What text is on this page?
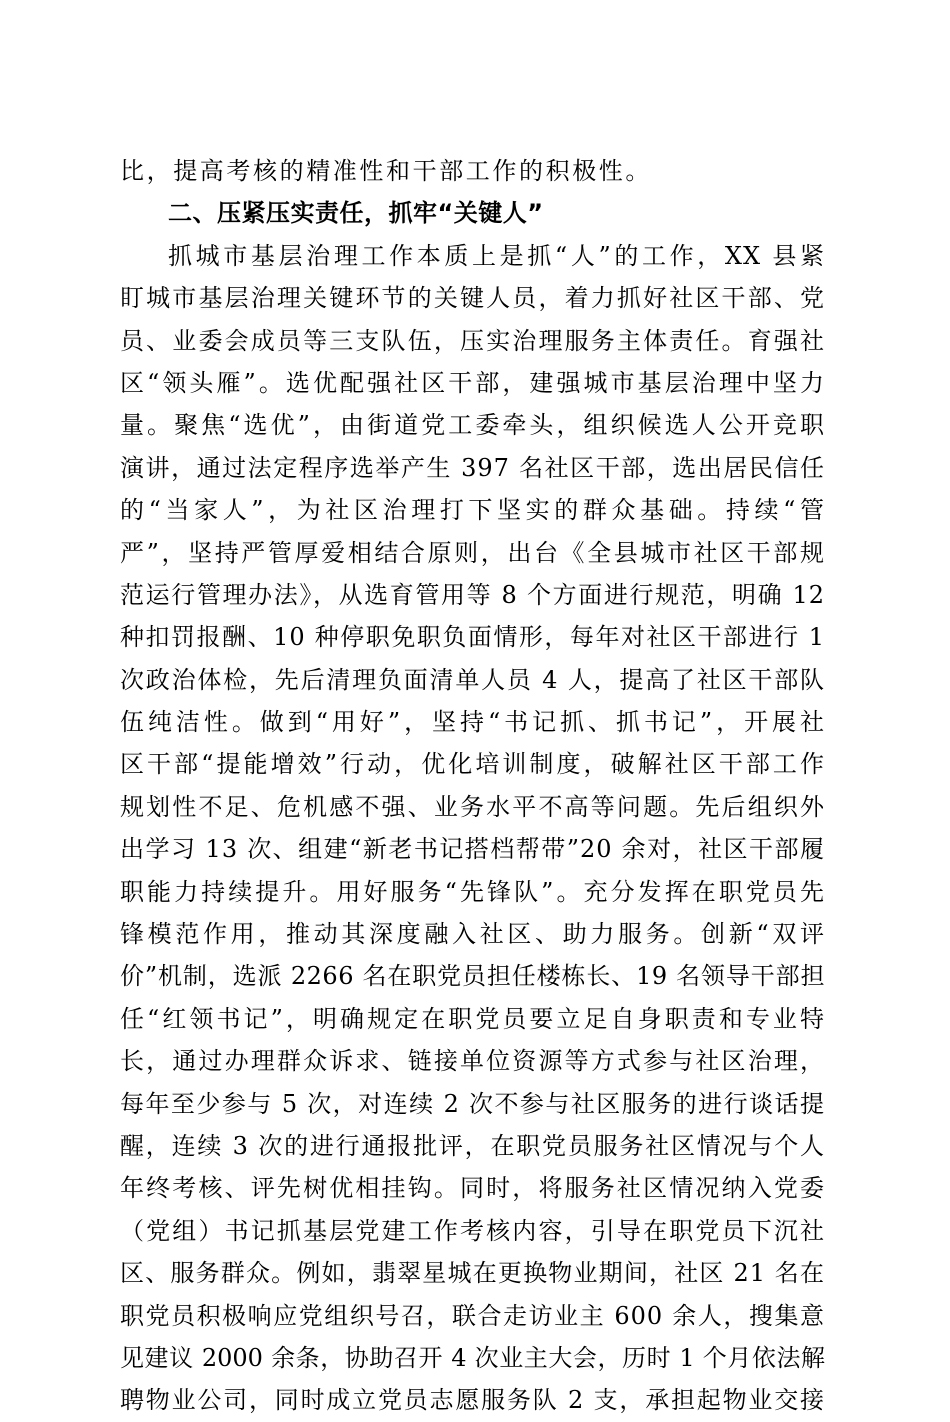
比，提高考核的精准性和干部工作的积极性。
二、压紧压实责任，抓牢“关键人”
抓城市基层治理工作本质上是抓“人”的工作，XX 县紧
盯城市基层治理关键环节的关键人员，着力抓好社区干部、党
员、业委会成员等三支队伍，压实治理服务主体责任。育强社
区“领头雁”。选优配强社区干部，建强城市基层治理中坚力
量。聚焦“选优”，由街道党工委牵头，组织候选人公开竞职
演讲，通过法定程序选举产生 397 名社区干部，选出居民信任
的“当家人”，为社区治理打下坚实的群众基础。持续“管
严”，坚持严管厚爱相结合原则，出台《全县城市社区干部规
范运行管理办法》，从选育管用等 8 个方面进行规范，明确 12
种扣罚报酬、10 种停职免职负面情形，每年对社区干部进行 1
次政治体检，先后清理负面清单人员 4 人，提高了社区干部队
伍纯洁性。做到“用好”，坚持“书记抓、抓书记”，开展社
区干部“提能增效”行动，优化培训制度，破解社区干部工作
规划性不足、危机感不强、业务水平不高等问题。先后组织外
出学习 13 次、组建“新老书记搭档帮带”20 余对，社区干部履
职能力持续提升。用好服务“先锋队”。充分发挥在职党员先
锋模范作用，推动其深度融入社区、助力服务。创新“双评
价”机制，选派 2266 名在职党员担任楼栋长、19 名领导干部担
任“红领书记”，明确规定在职党员要立足自身职责和专业特
长，通过办理群众诉求、链接单位资源等方式参与社区治理，
每年至少参与 5 次，对连续 2 次不参与社区服务的进行谈话提
醒，连续 3 次的进行通报批评，在职党员服务社区情况与个人
年终考核、评先树优相挂钩。同时，将服务社区情况纳入党委
（党组）书记抓基层党建工作考核内容，引导在职党员下沉社
区、服务群众。例如，翡翠星城在更换物业期间，社区 21 名在
职党员积极响应党组织号召，联合走访业主 600 余人，搜集意
见建议 2000 余条，协助召开 4 次业主大会，历时 1 个月依法解
聘物业公司，同时成立党员志愿服务队 2 支，承担起物业交接
